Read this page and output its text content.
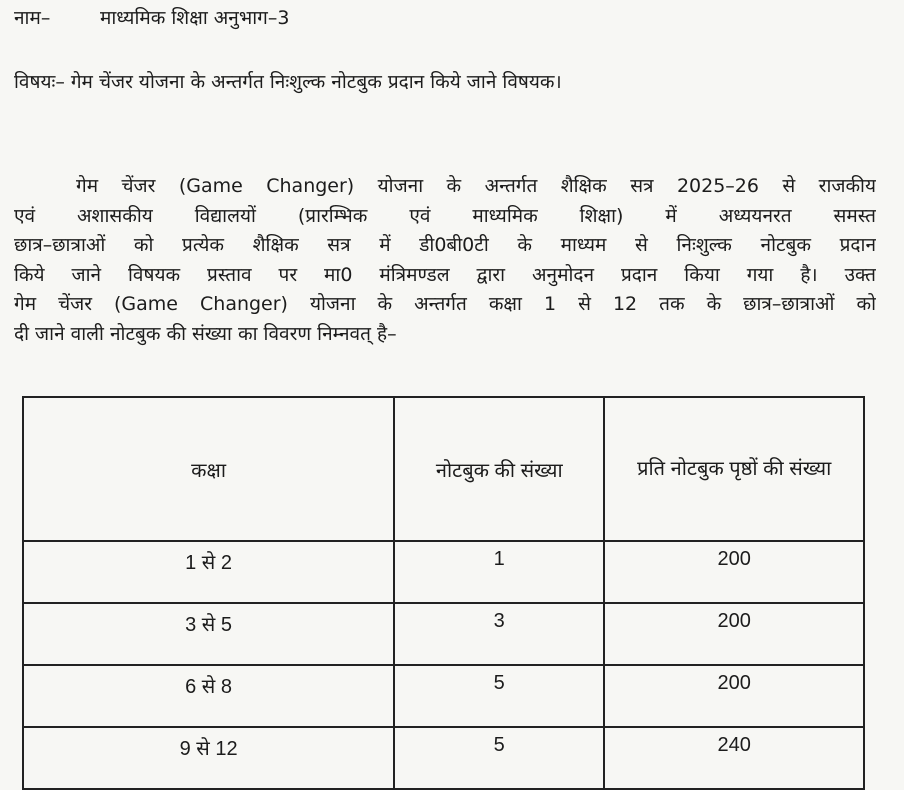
नाम–	माध्यमिक शिक्षा अनुभाग–3
विषयः– गेम चेंजर योजना के अन्तर्गत निःशुल्क नोटबुक प्रदान किये जाने विषयक।
गेम चेंजर (Game Changer) योजना के अन्तर्गत शैक्षिक सत्र 2025–26 से राजकीय
एवं अशासकीय विद्यालयों (प्रारम्भिक एवं माध्यमिक शिक्षा) में अध्ययनरत समस्त
छात्र–छात्राओं को प्रत्येक शैक्षिक सत्र में डी0बी0टी के माध्यम से निःशुल्क नोटबुक प्रदान
किये जाने विषयक प्रस्ताव पर मा0 मंत्रिमण्डल द्वारा अनुमोदन प्रदान किया गया है। उक्त
गेम चेंजर (Game Changer) योजना के अन्तर्गत कक्षा 1 से 12 तक के छात्र–छात्राओं को
दी जाने वाली नोटबुक की संख्या का विवरण निम्नवत् है–
कक्षा	नोटबुक की संख्या	प्रति नोटबुक पृष्ठों की संख्या
1 से 2	1	200
3 से 5	3	200
6 से 8	5	200
9 से 12	5	240
